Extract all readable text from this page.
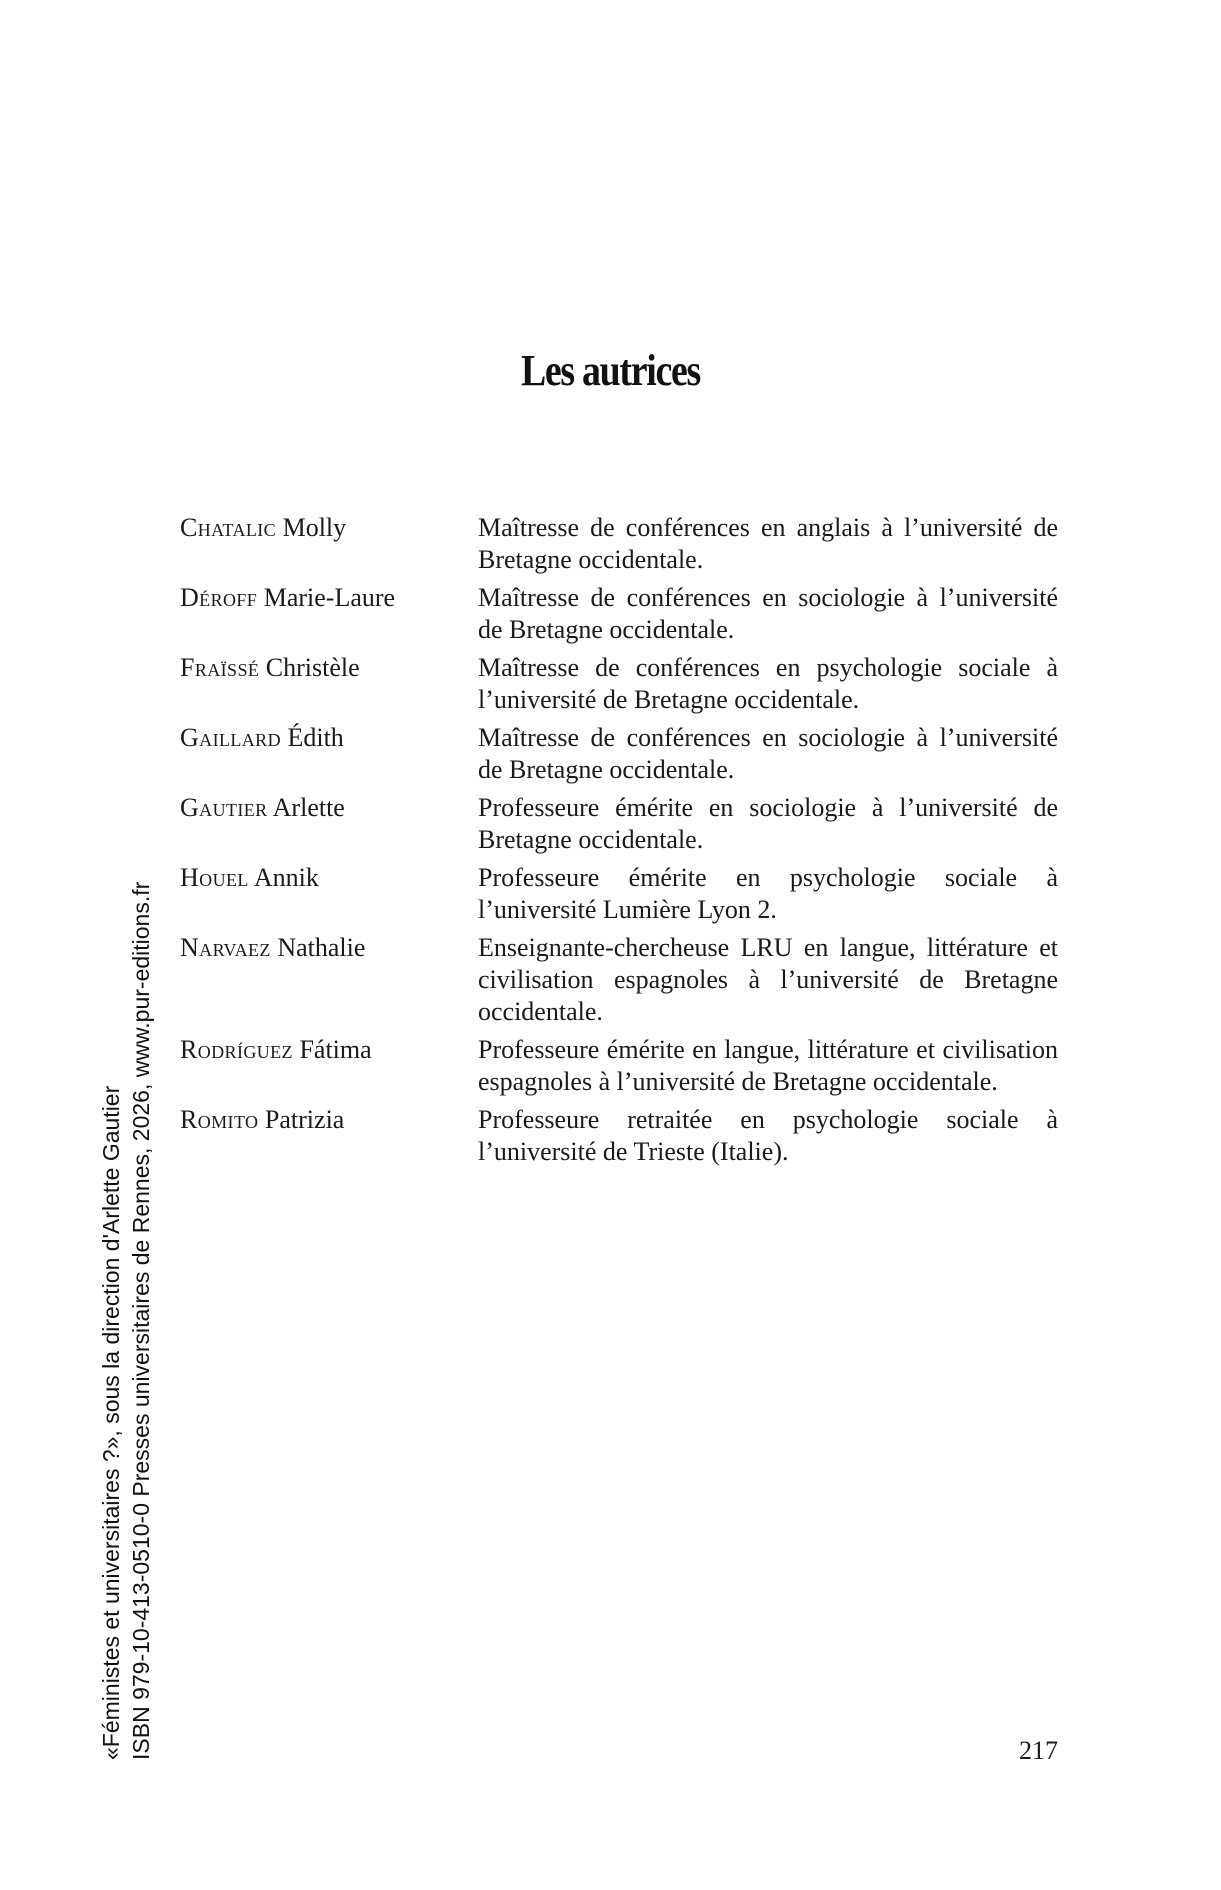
Les autrices
Chatalic Molly	Maîtresse de conférences en anglais à l’université de Bretagne occidentale.
Déroff Marie-Laure	Maîtresse de conférences en sociologie à l’université de Bretagne occidentale.
Fraïssé Christèle	Maîtresse de conférences en psychologie sociale à l’université de Bretagne occidentale.
Gaillard Édith	Maîtresse de conférences en sociologie à l’université de Bretagne occidentale.
Gautier Arlette	Professeure émérite en sociologie à l’université de Bretagne occidentale.
Houel Annik	Professeure émérite en psychologie sociale à l’université Lumière Lyon 2.
Narvaez Nathalie	Enseignante-chercheuse LRU en langue, littérature et civilisation espagnoles à l’université de Bretagne occidentale.
Rodríguez Fátima	Professeure émérite en langue, littérature et civilisation espagnoles à l’université de Bretagne occidentale.
Romito Patrizia	Professeure retraitée en psychologie sociale à l’université de Trieste (Italie).
217
«Féministes et universitaires ?», sous la direction d'Arlette Gautier ISBN 979-10-413-0510-0 Presses universitaires de Rennes, 2026, www.pur-editions.fr
